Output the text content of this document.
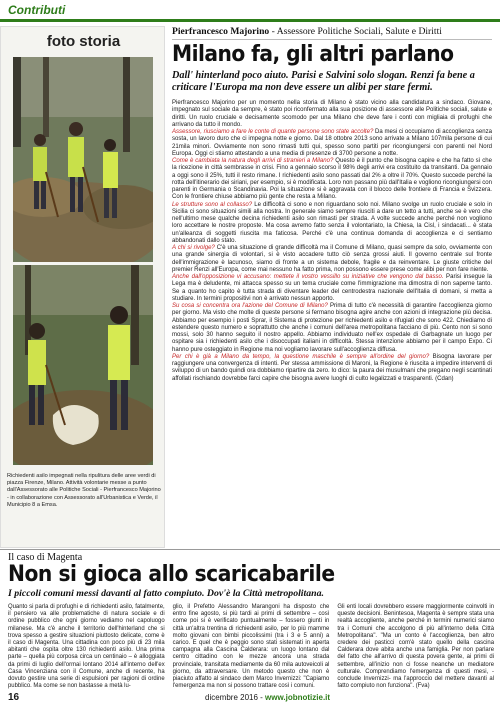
Contributi
foto storia
Richiedenti asilo impegnati nella ripulitura delle aree verdi di piazza Firenze, Milano. Attività volontarie messe a punto dall'Assessorato alle Politiche Sociali - Pierfrancesco Majorino - in collaborazione con Assessorato all'Urbanistica e Verde, il Municipio 8 a Emsa.
Pierfrancesco Majorino - Assessore Politiche Sociali, Salute e Diritti
Milano fa, gli altri parlano
Dall' hinterland poco aiuto. Parisi e Salvini solo slogan. Renzi fa bene a criticare l'Europa ma non deve essere un alibi per stare fermi.

Pierfrancesco Majorino per un momento nella storia di Milano è stato vicino alla candidatura a sindaco. Giovane, impegnato sul sociale da sempre, è stato poi riconfermato alla sua posizione di assessore alle Politiche sociali, salute e diritti. Un ruolo cruciale e decisamente scomodo per una Milano che deve fare i conti con migliaia di profughi che arrivano da tutto il mondo.

Assessore, riusciamo a fare le conte di quante persone sono state accolte? Da mesi ci occupiamo di accoglienza senza sosta, un lavoro duro che ci impegna notte e giorno. Dal 18 ottobre 2013 sono arrivate a Milano 107mila persone di cui 21mila minori. Ovviamente non sono rimasti tutti qui, spesso sono partiti per ricongiungersi con parenti nel Nord Europa. Oggi ci stiamo attestando a una media di presenze di 3700 persone a notte.

Come è cambiata la natura degli arrivi di stranieri a Milano? Questo è il punto che bisogna capire e che ha fatto sì che la ricezione in città sembrasse in crisi. Fino a gennaio scorso il 98% degli arrivi era costituito da transitanti. Da gennaio a oggi sono il 25%, tutti il resto rimane. I richiedenti asilo sono passati dal 2% a oltre il 70%. Questo succede perché la rotta dell'itinerario dei siriani, per esempio, si è modificata. Loro non passano più dall'Italia e vogliono ricongiungersi con parenti in Germania o Scandinavia. Poi la situazione si è aggravata con il blocco delle frontiere di Francia e Svizzera. Con le frontiere chiuse abbiamo più gente che resta a Milano.

Le strutture sono al collasso? Le difficoltà ci sono e non riguardano solo noi. Milano svolge un ruolo cruciale e solo in Sicilia ci sono situazioni simili alla nostra. In generale siamo sempre riusciti a dare un tetto a tutti, anche se è vero che nell'ultimo mese qualche decina richiedenti asilo son rimasti per strada. A volte succede anche perché non vogliono loro accettare le nostre proposte. Ma cosa avremo fatto senza il volontariato, la Chiesa, la Cisl, i sindacati... è stata un'alleanza di soggetti riuscita ma faticosa. Perché c'è una continua domanda di accoglienza e ci sentiamo abbandonati dallo stato.

A chi si rivolge? C'è una situazione di grande difficoltà ma il Comune di Milano, quasi sempre da solo, ovviamente con una grande sinergia di volontari, si è visto accadere tutto ciò senza grossi aiuti. Il governo centrale sul fronte dell'immigrazione è lacunoso, siamo di fronte a un sistema debole, fragile e da reinventare. Le giuste critiche del premier Renzi all'Europa, come mai nessuno ha fatto prima, non possono essere prese come alibi per non fare niente.

Anche dall'opposizione vi accusano: mettete il vostro vessillo su iniziative che vengono dal basso. Parisi insegue la Lega ma è deludente, mi attacca spesso su un tema cruciale come l'immigrazione ma dimostra di non saperne tanto. Se a quanto ho capito è tutta strada di diventare leader del centrodestra nazionale dell'Italia di domani, si metta a studiare. In termini propositivi non è arrivato nessun apporto.

Su cosa si concentra ora l'azione del Comune di Milano? Prima di tutto c'è necessità di garantire l'accoglienza giorno per giorno. Ma visto che molte di queste persone si fermano bisogna agire anche con azioni di integrazione più decisa. Abbiamo per esempio i posti Sprar, il Sistema di protezione per richiedenti asilo e rifugiati che sono 422. Chiediamo di estendere questo numero e soprattutto che anche i comuni dell'area metropolitana facciano di più. Cento non si sono mossi, solo 30 hanno seguito il nostro appello. Abbiamo individuato nell'ex ospedale di Garbagnate un luogo per ospitare sia i richiedenti asilo che i disoccupati italiani in difficoltà. Stessa intenzione abbiamo per il campo Expo. Ci hanno pure osteggiato in Regione ma noi vogliamo lavorare sull'accoglienza diffusa.

Per chi è già a Milano da tempo, la questione maschile è sempre all'ordine del giorno? Bisogna lavorare per raggiungere una convergenza di intenti. Per stessa ammissione di Maroni, la Regione è riuscita a impedire interventi di sviluppo di un bando quindi ora dobbiamo ripartire da zero. Io dico: la paura dei musulmani che pregano negli scantinati affollati rischiando dovrebbe farci capire che bisogna avere luoghi di culto legalizzati e trasparenti. (Cdan)

Il caso di Magenta
Non si gioca allo scaricabarile
I piccoli comuni messi davanti al fatto compiuto. Dov'è la Città metropolitana.

Quanto si parla di profughi e di richiedenti asilo, fatalmente, il pensiero va alle problematiche di natura sociale e di ordine pubblico che ogni giorno vediamo nel capoluogo milanese. Ma c'è anche il territorio dell'hinterland che si trova spesso a gestire situazioni piuttosto delicate, come è il caso di Magenta. Una cittadina con poco più di 23 mila abitanti che ospita oltre 130 richiedenti asilo. Una prima parte – quella più corposa circa un centinaio – è alloggiata da primi di luglio dell'ormai lontano 2014 all'interno dell'ex Casa Vincenziana con il Comune, anche di recente, ha dovuto gestire una serie di espulsioni per ragioni di ordine pubblico. Ma come se non bastasse a metà lu-

glio, il Prefetto Alessandro Marangoni ha disposto che entro fine agosto, si più tardi ai primi di settembre – così come poi si è verificato puntualmente – fossero giunti in città un'altra trentina di richiedenti asilo, per lo più mamme molto giovani con bimbi piccolissimi (tra i 3 e 5 anni) a carico. E quel che è peggio sono stati sistemati in aperta campagna alla Cascina Calderara: un luogo lontano dal centro cittadino con le mezze ancora una strada provinciale, transitata mediamente da 60 mila autoveicoli al giorno, da attraversare. Un metodo questo che non è piaciuto affatto al sindaco dem Marco Invernizzi: "Capiamo l'emergenza ma non si possono trattare così i comuni.

Gli enti locali dovrebbero essere maggiormente coinvolti in queste decisioni. Benintesoa, Magenta è sempre stata una realtà accogliente, anche perché in termini numerici siamo tra i Comuni che accolgono di più all'interno della Città Metropolitana". "Ma un conto è l'accoglienza, ben altro credere dei pasticci com'è stato quello della cascina Calderara dove abita anche una famiglia. Per non parlare del fatto che all'arrivo di questa povera gente, ai primi di settembre, all'inizio non ci fosse neanche un mediatore culturale. Comprendiamo l'emergenza di questi mesi, -conclude Invernizzi- ma l'approccio del mettere davanti al fatto compiuto non funziona". (Fva)

16	dicembre 2016 - www.jobnotizie.it
